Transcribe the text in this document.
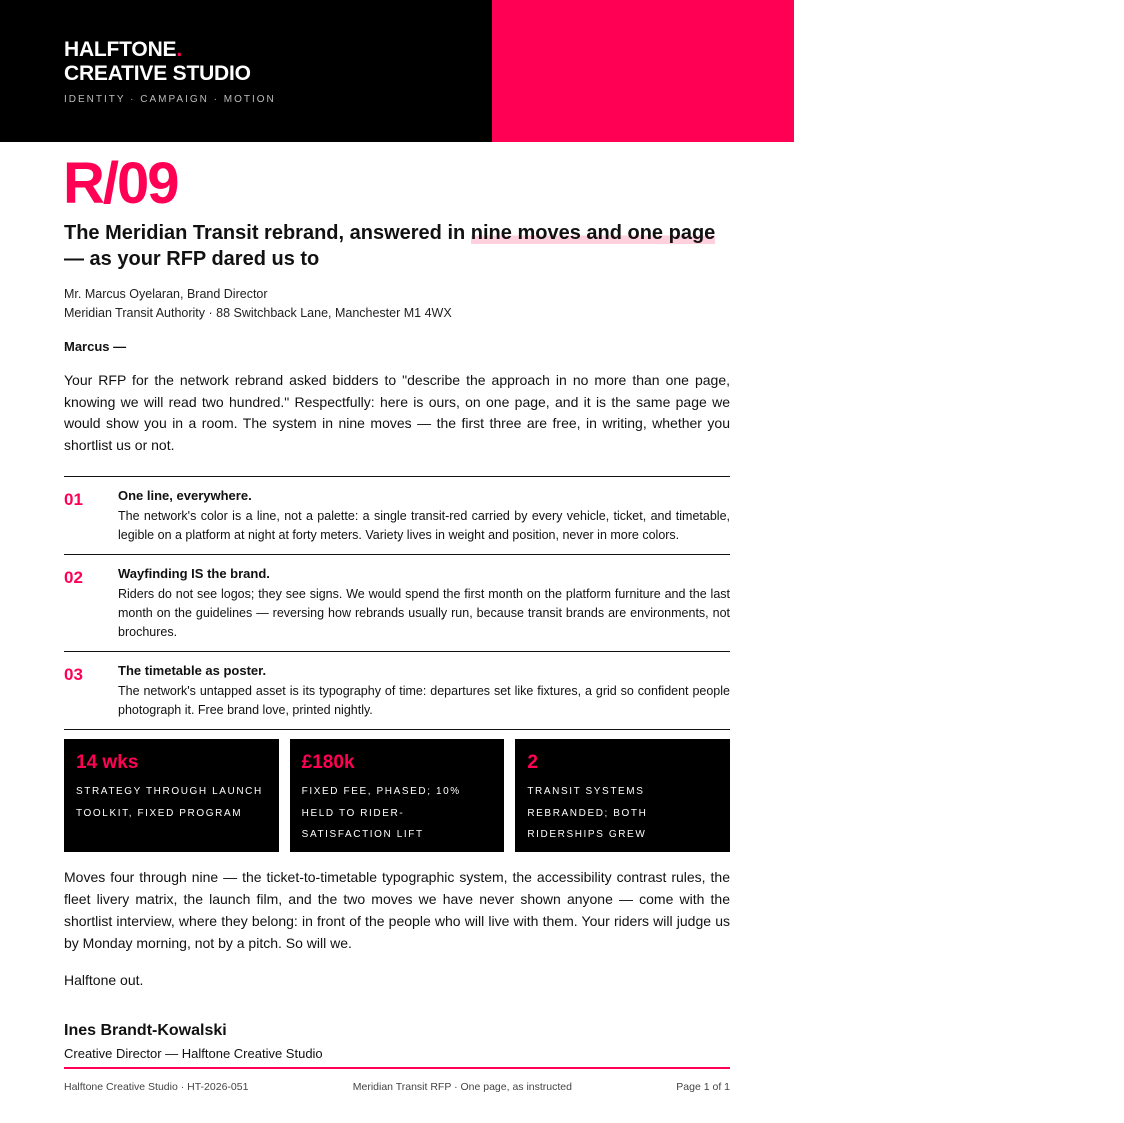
HALFTONE.
CREATIVE STUDIO
IDENTITY · CAMPAIGN · MOTION
Ref. HT-2026-051
14 April 2026
halftone.studio
mrkt@halftone.example
R/09
The Meridian Transit rebrand, answered in nine moves and one page — as your RFP dared us to
Mr. Marcus Oyelaran, Brand Director
Meridian Transit Authority · 88 Switchback Lane, Manchester M1 4WX
Marcus —

Your RFP for the network rebrand asked bidders to "describe the approach in no more than one page, knowing we will read two hundred." Respectfully: here is ours, on one page, and it is the same page we would show you in a room. The system in nine moves — the first three are free, in writing, whether you shortlist us or not.

01	One line, everywhere.
The network's color is a line, not a palette: a single transit-red carried by every vehicle, ticket, and timetable, legible on a platform at night at forty meters. Variety lives in weight and position, never in more colors.
02	Wayfinding IS the brand.
Riders do not see logos; they see signs. We would spend the first month on the platform furniture and the last month on the guidelines — reversing how rebrands usually run, because transit brands are environments, not brochures.
03	The timetable as poster.
The network's untapped asset is its typography of time: departures set like fixtures, a grid so confident people photograph it. Free brand love, printed nightly.
14 wks
STRATEGY THROUGH LAUNCH TOOLKIT, FIXED PROGRAM
£180k
FIXED FEE, PHASED; 10% HELD TO RIDER-SATISFACTION LIFT
2
TRANSIT SYSTEMS REBRANDED; BOTH RIDERSHIPS GREW

Moves four through nine — the ticket-to-timetable typographic system, the accessibility contrast rules, the fleet livery matrix, the launch film, and the two moves we have never shown anyone — come with the shortlist interview, where they belong: in front of the people who will live with them. Your riders will judge us by Monday morning, not by a pitch. So will we.

Halftone out.
Ines Brandt-Kowalski
Creative Director — Halftone Creative Studio
Halftone Creative Studio · HT-2026-051	Meridian Transit RFP · One page, as instructed	Page 1 of 1
